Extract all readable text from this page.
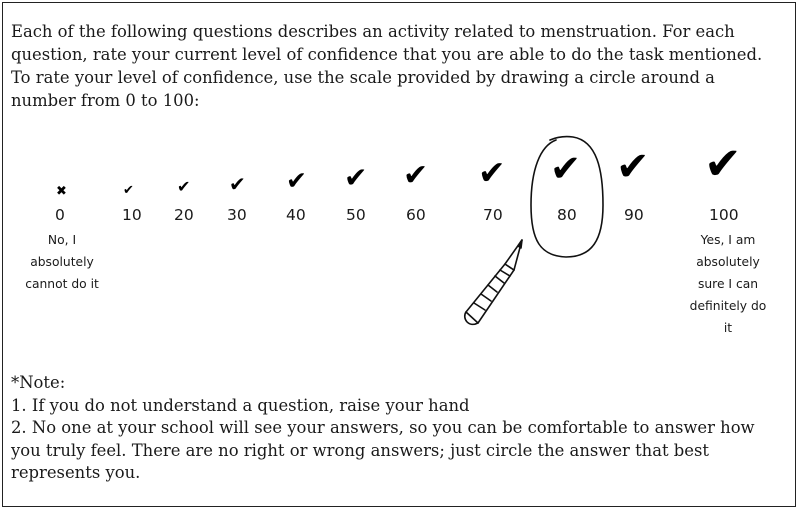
Each of the following questions describes an activity related to menstruation. For each

question, rate your current level of confidence that you are able to do the task mentioned.

To rate your level of confidence, use the scale provided by drawing a circle around a

number from 0 to 100:

✖	✔	✔ ✔ ✔ ✔ ✔ ✔ ✔ ✔ ✔
0	10 20 30	40	50	60	70	80	90	100
No, I
absolutely
cannot do it
Yes, I am
absolutely
sure I can
definitely do
it
*Note:
1. If you do not understand a question, raise your hand
2. No one at your school will see your answers, so you can be comfortable to answer how
you truly feel. There are no right or wrong answers; just circle the answer that best
represents you.
